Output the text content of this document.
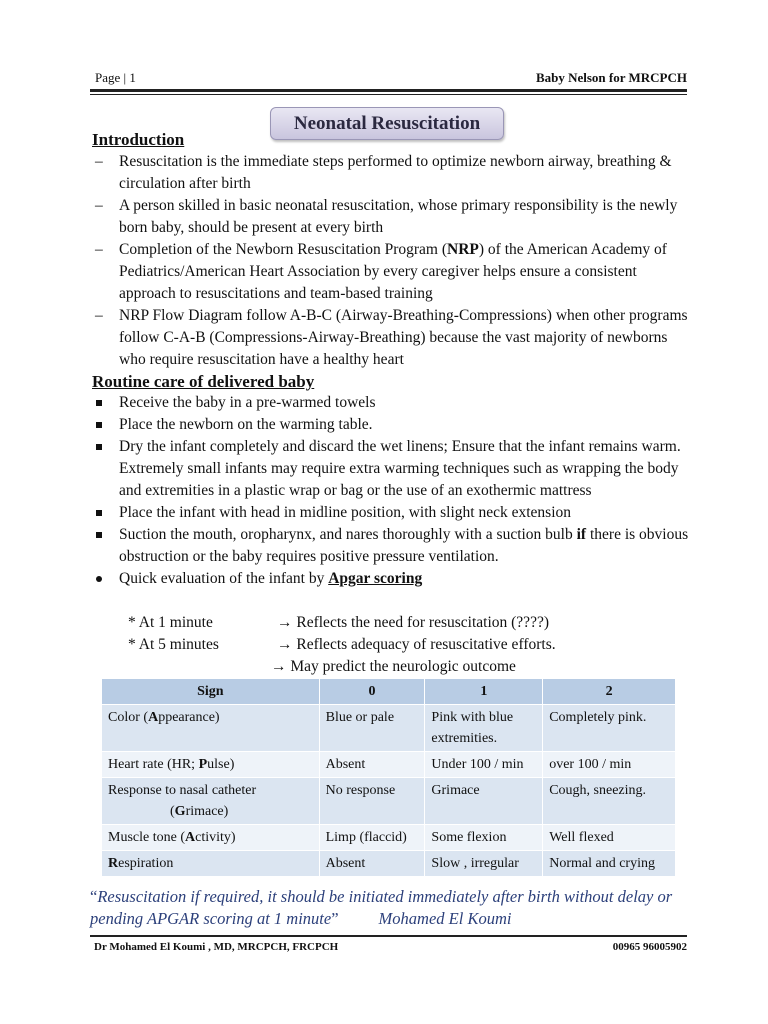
Page | 1	Baby Nelson for MRCPCH
Neonatal Resuscitation
Introduction
– Resuscitation is the immediate steps performed to optimize newborn airway, breathing & circulation after birth
– A person skilled in basic neonatal resuscitation, whose primary responsibility is the newly born baby, should be present at every birth
– Completion of the Newborn Resuscitation Program (NRP) of the American Academy of Pediatrics/American Heart Association by every caregiver helps ensure a consistent approach to resuscitations and team-based training
– NRP Flow Diagram follow A-B-C (Airway-Breathing-Compressions) when other programs follow C-A-B (Compressions-Airway-Breathing) because the vast majority of newborns who require resuscitation have a healthy heart
Routine care of delivered baby
Receive the baby in a pre-warmed towels
Place the newborn on the warming table.
Dry the infant completely and discard the wet linens; Ensure that the infant remains warm. Extremely small infants may require extra warming techniques such as wrapping the body and extremities in a plastic wrap or bag or the use of an exothermic mattress
Place the infant with head in midline position, with slight neck extension
Suction the mouth, oropharynx, and nares thoroughly with a suction bulb if there is obvious obstruction or the baby requires positive pressure ventilation.
Quick evaluation of the infant by Apgar scoring
* At 1 minute	→ Reflects the need for resuscitation (????)
* At 5 minutes	→ Reflects adequacy of resuscitative efforts.
→ May predict the neurologic outcome
Sign	0	1	2
Color (Appearance)	Blue or pale	Pink with blue extremities.	Completely pink.
Heart rate (HR; Pulse)	Absent	Under 100 / min	over 100 / min
Response to nasal catheter
(Grimace)	No response	Grimace	Cough, sneezing.
Muscle tone (Activity)	Limp (flaccid)	Some flexion	Well flexed
Respiration	Absent	Slow , irregular	Normal and crying
“Resuscitation if required, it should be initiated immediately after birth without delay or pending APGAR scoring at 1 minute” Mohamed El Koumi
Dr Mohamed El Koumi , MD, MRCPCH, FRCPCH	00965 96005902
